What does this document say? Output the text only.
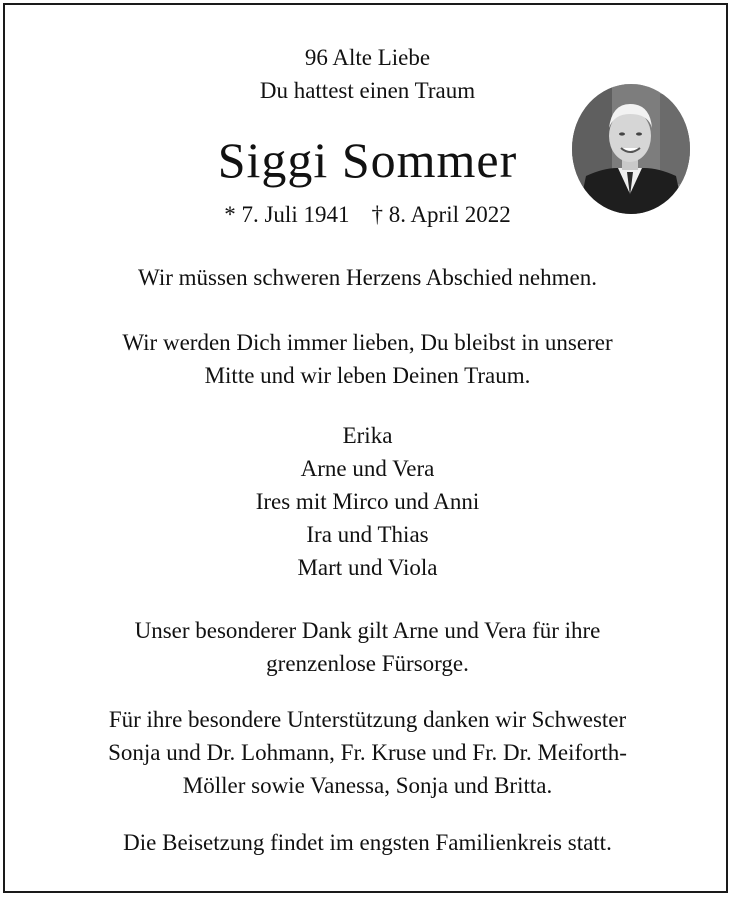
96 Alte Liebe
Du hattest einen Traum
Siggi Sommer
* 7. Juli 1941 † 8. April 2022
Wir müssen schweren Herzens Abschied nehmen.
Wir werden Dich immer lieben, Du bleibst in unserer
Mitte und wir leben Deinen Traum.
Erika
Arne und Vera
Ires mit Mirco und Anni
Ira und Thias
Mart und Viola
Unser besonderer Dank gilt Arne und Vera für ihre
grenzenlose Fürsorge.
Für ihre besondere Unterstützung danken wir Schwester
Sonja und Dr. Lohmann, Fr. Kruse und Fr. Dr. Meiforth-
Möller sowie Vanessa, Sonja und Britta.
Die Beisetzung findet im engsten Familienkreis statt.
